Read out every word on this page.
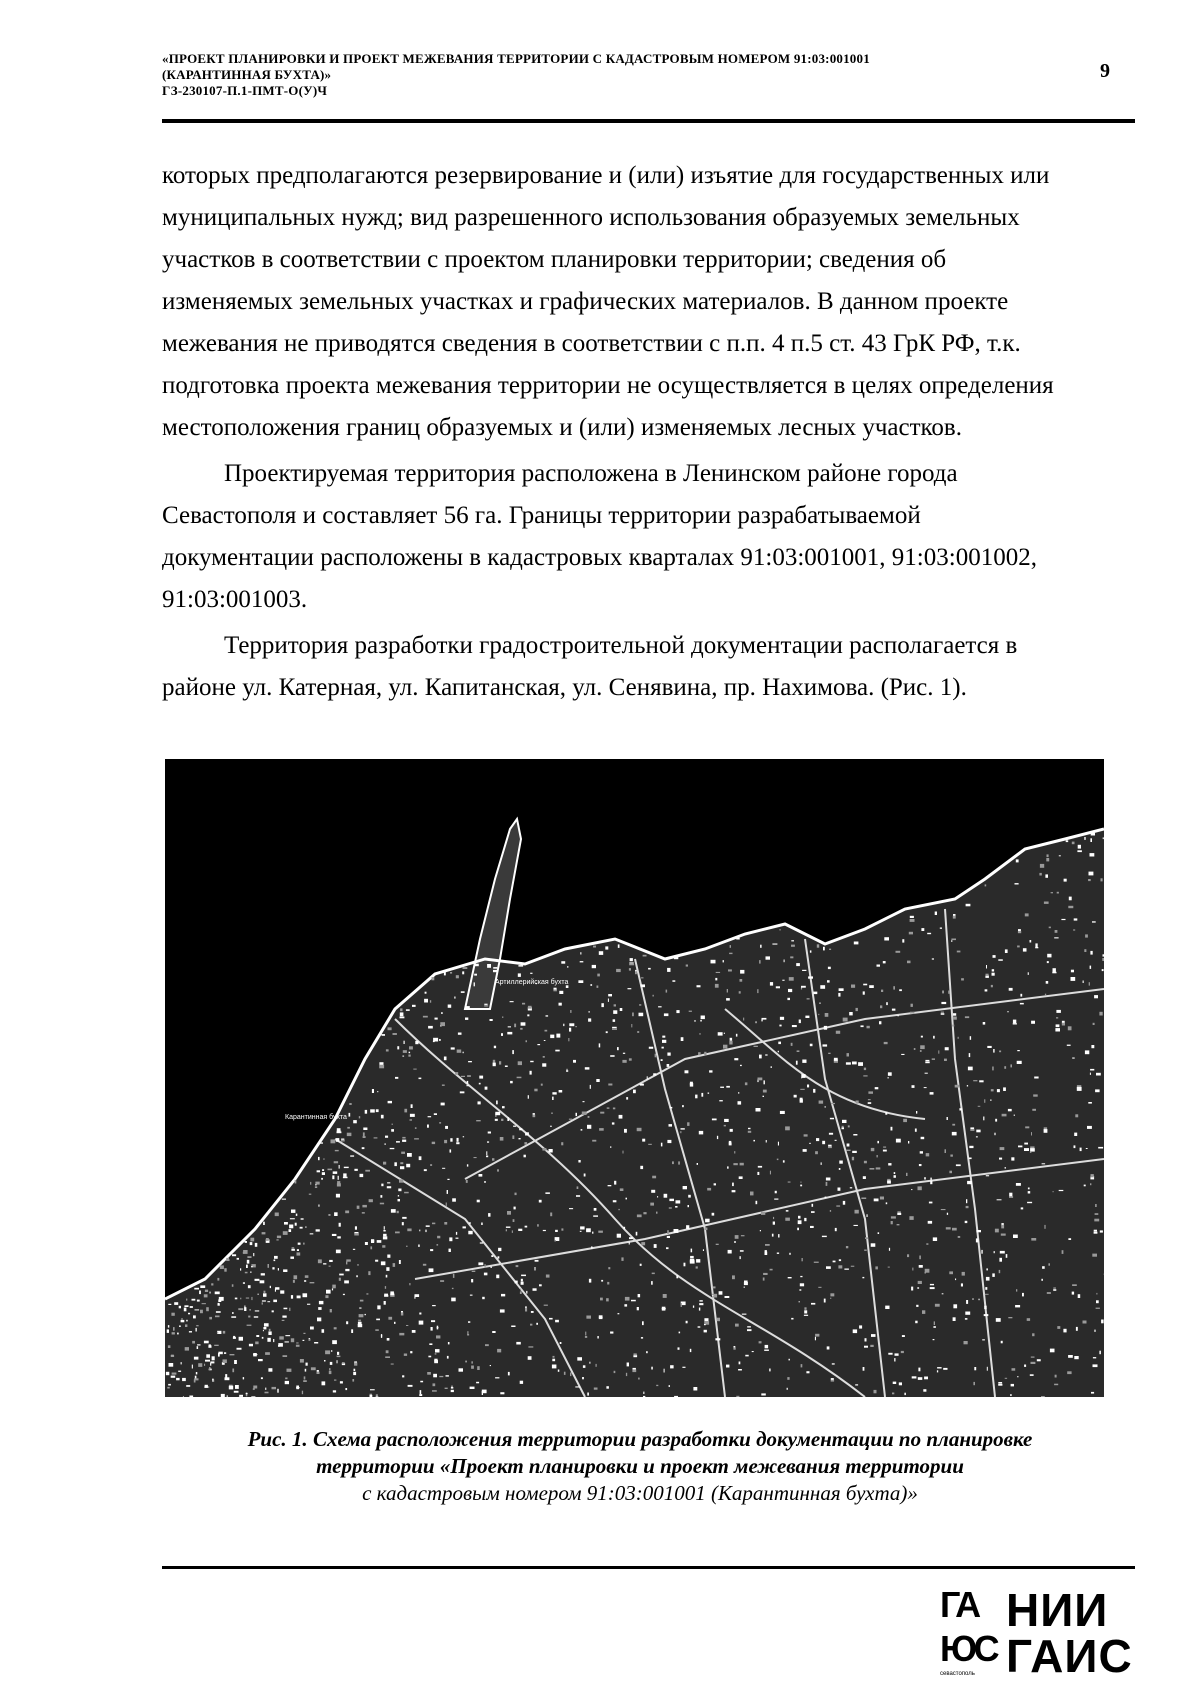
«ПРОЕКТ ПЛАНИРОВКИ И ПРОЕКТ МЕЖЕВАНИЯ ТЕРРИТОРИИ С КАДАСТРОВЫМ НОМЕРОМ 91:03:001001
(КАРАНТИННАЯ БУХТА)»
ГЗ-230107-П.1-ПМТ-О(У)Ч
9
которых предполагаются резервирование и (или) изъятие для государственных или
муниципальных нужд; вид разрешенного использования образуемых земельных
участков в соответствии с проектом планировки территории; сведения об
изменяемых земельных участках и графических материалов. В данном проекте
межевания не приводятся сведения в соответствии с п.п. 4 п.5 ст. 43 ГрК РФ, т.к.
подготовка проекта межевания территории не осуществляется в целях определения
местоположения границ образуемых и (или) изменяемых лесных участков.
Проектируемая территория расположена в Ленинском районе города
Севастополя и составляет 56 га. Границы территории разрабатываемой
документации расположены в кадастровых кварталах 91:03:001001, 91:03:001002,
91:03:001003.
Территория разработки градостроительной документации располагается в
районе ул. Катерная, ул. Капитанская, ул. Сенявина, пр. Нахимова. (Рис. 1).
Артиллерийская бухта
Карантинная бухта
Рис. 1. Схема расположения территории разработки документации по планировке
территории «Проект планировки и проект межевания территории
с кадастровым номером 91:03:001001 (Карантинная бухта)»
ГА
ЮС
севастополь
НИИ
ГАИС
